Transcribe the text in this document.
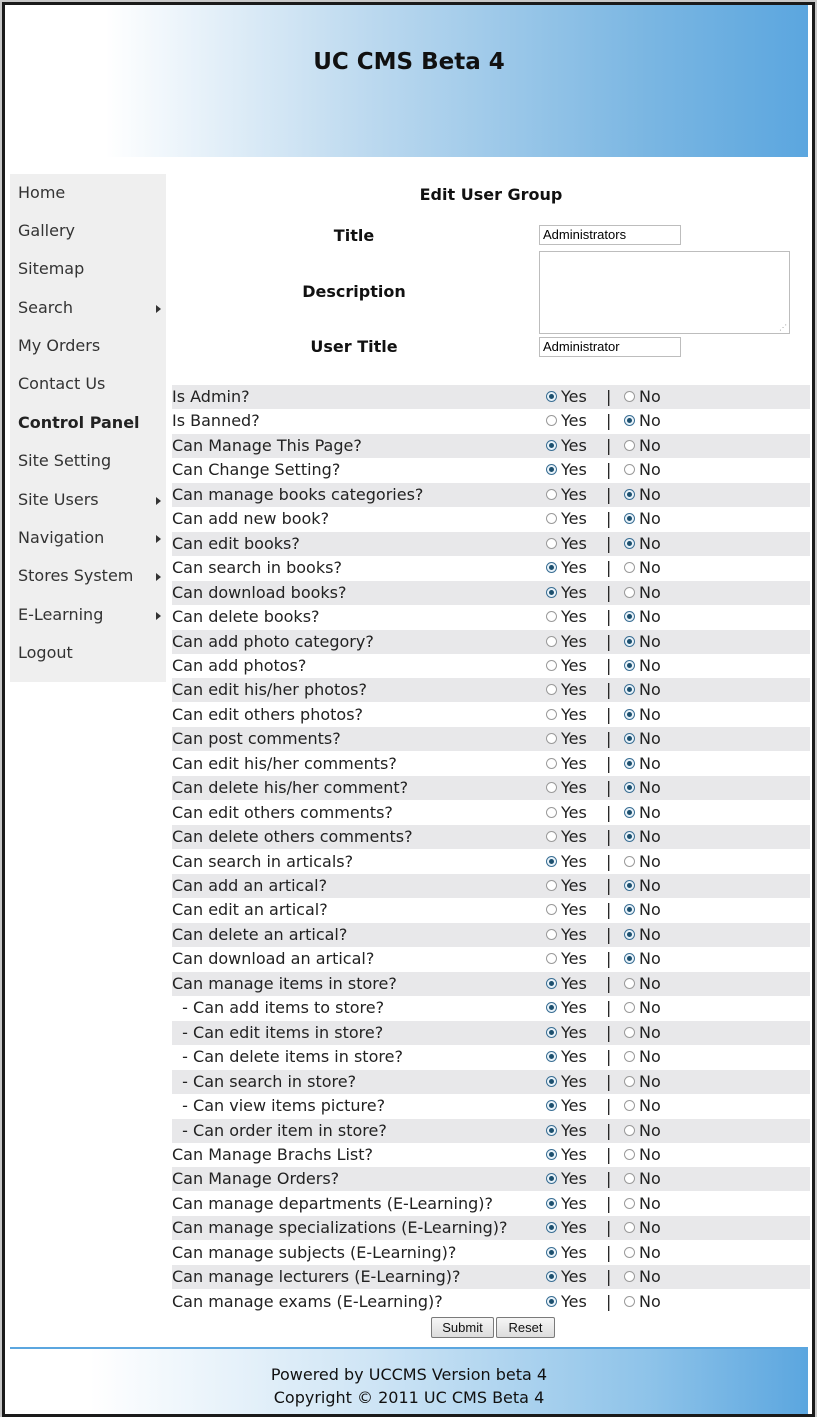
UC CMS Beta 4
Home
Gallery
Sitemap
Search
My Orders
Contact Us
Control Panel
Site Setting
Site Users
Navigation
Stores System
E-Learning
Logout
Edit User Group
Title	Administrators
Description
⋰
User Title	Administrator
Is Admin?	Yes | No
Is Banned?	Yes | No
Can Manage This Page?	Yes | No
Can Change Setting?	Yes | No
Can manage books categories?	Yes | No
Can add new book?	Yes | No
Can edit books?	Yes | No
Can search in books?	Yes | No
Can download books?	Yes | No
Can delete books?	Yes | No
Can add photo category?	Yes | No
Can add photos?	Yes | No
Can edit his/her photos?	Yes | No
Can edit others photos?	Yes | No
Can post comments?	Yes | No
Can edit his/her comments?	Yes | No
Can delete his/her comment?	Yes | No
Can edit others comments?	Yes | No
Can delete others comments?	Yes | No
Can search in articals?	Yes | No
Can add an artical?	Yes | No
Can edit an artical?	Yes | No
Can delete an artical?	Yes | No
Can download an artical?	Yes | No
Can manage items in store?	Yes | No
- Can add items to store?	Yes | No
- Can edit items in store?	Yes | No
- Can delete items in store?	Yes | No
- Can search in store?	Yes | No
- Can view items picture?	Yes | No
- Can order item in store?	Yes | No
Can Manage Brachs List?	Yes | No
Can Manage Orders?	Yes | No
Can manage departments (E-Learning)?	Yes | No
Can manage specializations (E-Learning)?	Yes | No
Can manage subjects (E-Learning)?	Yes | No
Can manage lecturers (E-Learning)?	Yes | No
Can manage exams (E-Learning)?	Yes | No
Submit	Reset
Powered by UCCMS Version beta 4
Copyright © 2011 UC CMS Beta 4
